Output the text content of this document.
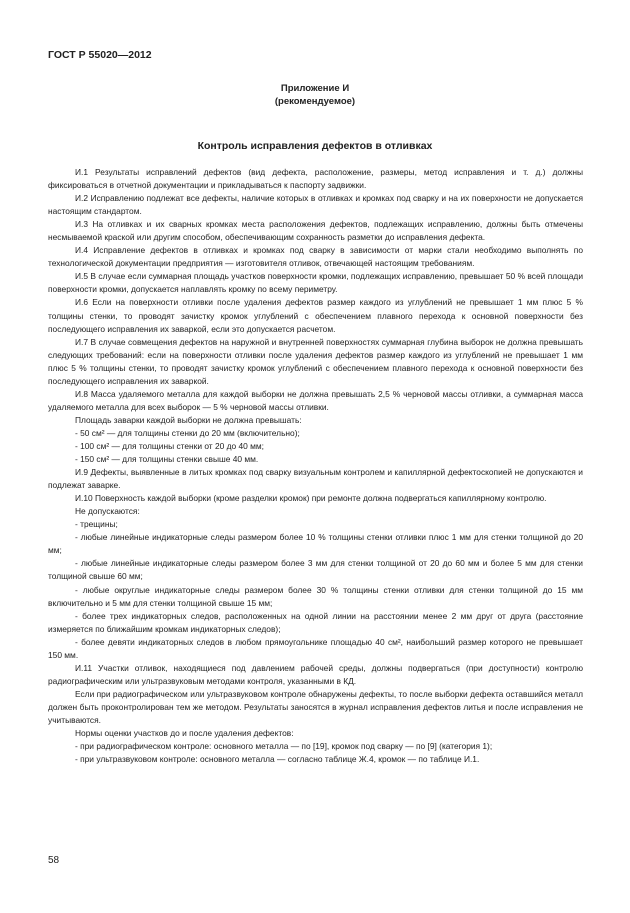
ГОСТ Р 55020—2012
Приложение И
(рекомендуемое)
Контроль исправления дефектов в отливках

И.1 Результаты исправлений дефектов (вид дефекта, расположение, размеры, метод исправления и т. д.) должны фиксироваться в отчетной документации и прикладываться к паспорту задвижки.

И.2 Исправлению подлежат все дефекты, наличие которых в отливках и кромках под сварку и на их поверхности не допускается настоящим стандартом.

И.3 На отливках и их сварных кромках места расположения дефектов, подлежащих исправлению, должны быть отмечены несмываемой краской или другим способом, обеспечивающим сохранность разметки до исправления дефекта.

И.4 Исправление дефектов в отливках и кромках под сварку в зависимости от марки стали необходимо выполнять по технологической документации предприятия — изготовителя отливок, отвечающей настоящим требованиям.

И.5 В случае если суммарная площадь участков поверхности кромки, подлежащих исправлению, превышает 50 % всей площади поверхности кромки, допускается наплавлять кромку по всему периметру.

И.6 Если на поверхности отливки после удаления дефектов размер каждого из углублений не превышает 1 мм плюс 5 % толщины стенки, то проводят зачистку кромок углублений с обеспечением плавного перехода к основной поверхности без последующего исправления их заваркой, если это допускается расчетом.

И.7 В случае совмещения дефектов на наружной и внутренней поверхностях суммарная глубина выборок не должна превышать следующих требований: если на поверхности отливки после удаления дефектов размер каждого из углублений не превышает 1 мм плюс 5 % толщины стенки, то проводят зачистку кромок углублений с обеспечением плавного перехода к основной поверхности без последующего исправления их заваркой.

И.8 Масса удаляемого металла для каждой выборки не должна превышать 2,5 % черновой массы отливки, а суммарная масса удаляемого металла для всех выборок — 5 % черновой массы отливки.

Площадь заварки каждой выборки не должна превышать:

- 50 см² — для толщины стенки до 20 мм (включительно);

- 100 см² — для толщины стенки от 20 до 40 мм;

- 150 см² — для толщины стенки свыше 40 мм.

И.9 Дефекты, выявленные в литых кромках под сварку визуальным контролем и капиллярной дефектоскопией не допускаются и подлежат заварке.

И.10 Поверхность каждой выборки (кроме разделки кромок) при ремонте должна подвергаться капиллярному контролю.

Не допускаются:

- трещины;

- любые линейные индикаторные следы размером более 10 % толщины стенки отливки плюс 1 мм для стенки толщиной до 20 мм;

- любые линейные индикаторные следы размером более 3 мм для стенки толщиной от 20 до 60 мм и более 5 мм для стенки толщиной свыше 60 мм;

- любые округлые индикаторные следы размером более 30 % толщины стенки отливки для стенки толщиной до 15 мм включительно и 5 мм для стенки толщиной свыше 15 мм;

- более трех индикаторных следов, расположенных на одной линии на расстоянии менее 2 мм друг от друга (расстояние измеряется по ближайшим кромкам индикаторных следов);

- более девяти индикаторных следов в любом прямоугольнике площадью 40 см², наибольший размер которого не превышает 150 мм.

И.11 Участки отливок, находящиеся под давлением рабочей среды, должны подвергаться (при доступности) контролю радиографическим или ультразвуковым методами контроля, указанными в КД.

Если при радиографическом или ультразвуковом контроле обнаружены дефекты, то после выборки дефекта оставшийся металл должен быть проконтролирован тем же методом. Результаты заносятся в журнал исправления дефектов литья и после исправления не учитываются.

Нормы оценки участков до и после удаления дефектов:

- при радиографическом контроле: основного металла — по [19], кромок под сварку — по [9] (категория 1);

- при ультразвуковом контроле: основного металла — согласно таблице Ж.4, кромок — по таблице И.1.

58
